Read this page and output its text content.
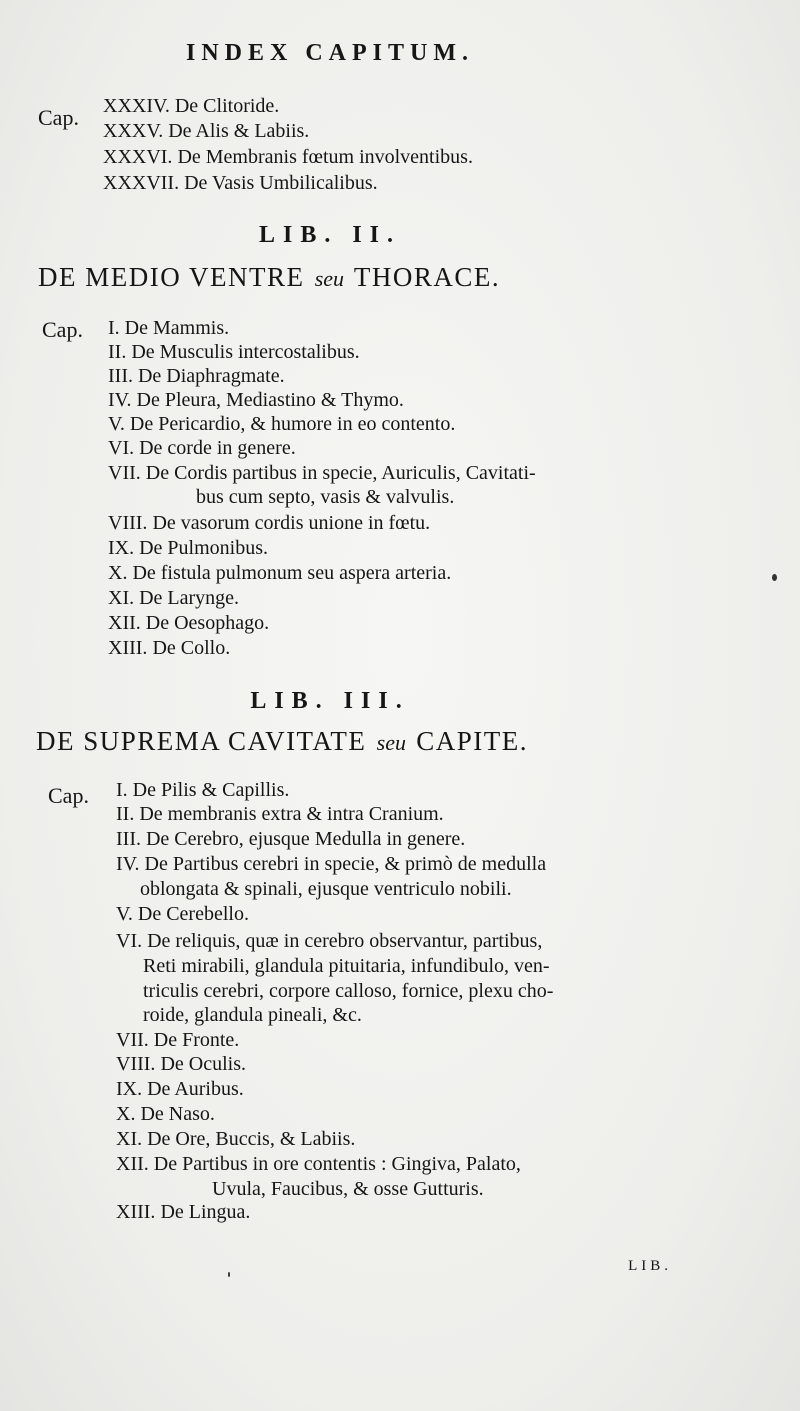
INDEX CAPITUM.
Cap. XXXIV. De Clitoride.
XXXV. De Alis & Labiis.
XXXVI. De Membranis fœtum involventibus.
XXXVII. De Vasis Umbilicalibus.
LIB. II.
DE MEDIO VENTRE seu THORACE.
Cap. I. De Mammis.
II. De Musculis intercostalibus.
III. De Diaphragmate.
IV. De Pleura, Mediastino & Thymo.
V. De Pericardio, & humore in eo contento.
VI. De corde in genere.
VII. De Cordis partibus in specie, Auriculis, Cavitati-
bus cum septo, vasis & valvulis.
VIII. De vasorum cordis unione in fœtu.
IX. De Pulmonibus.
X. De fistula pulmonum seu aspera arteria.
XI. De Larynge.
XII. De Oesophago.
XIII. De Collo.
LIB. III.
DE SUPREMA CAVITATE seu CAPITE.
Cap. I. De Pilis & Capillis.
II. De membranis extra & intra Cranium.
III. De Cerebro, ejusque Medulla in genere.
IV. De Partibus cerebri in specie, & primò de medulla
oblongata & spinali, ejusque ventriculo nobili.
V. De Cerebello.
VI. De reliquis, quæ in cerebro observantur, partibus,
Reti mirabili, glandula pituitaria, infundibulo, ven-
triculis cerebri, corpore calloso, fornice, plexu cho-
roide, glandula pineali, &c.
VII. De Fronte.
VIII. De Oculis.
IX. De Auribus.
X. De Naso.
XI. De Ore, Buccis, & Labiis.
XII. De Partibus in ore contentis : Gingiva, Palato,
Uvula, Faucibus, & osse Gutturis.
XIII. De Lingua.
LIB.
